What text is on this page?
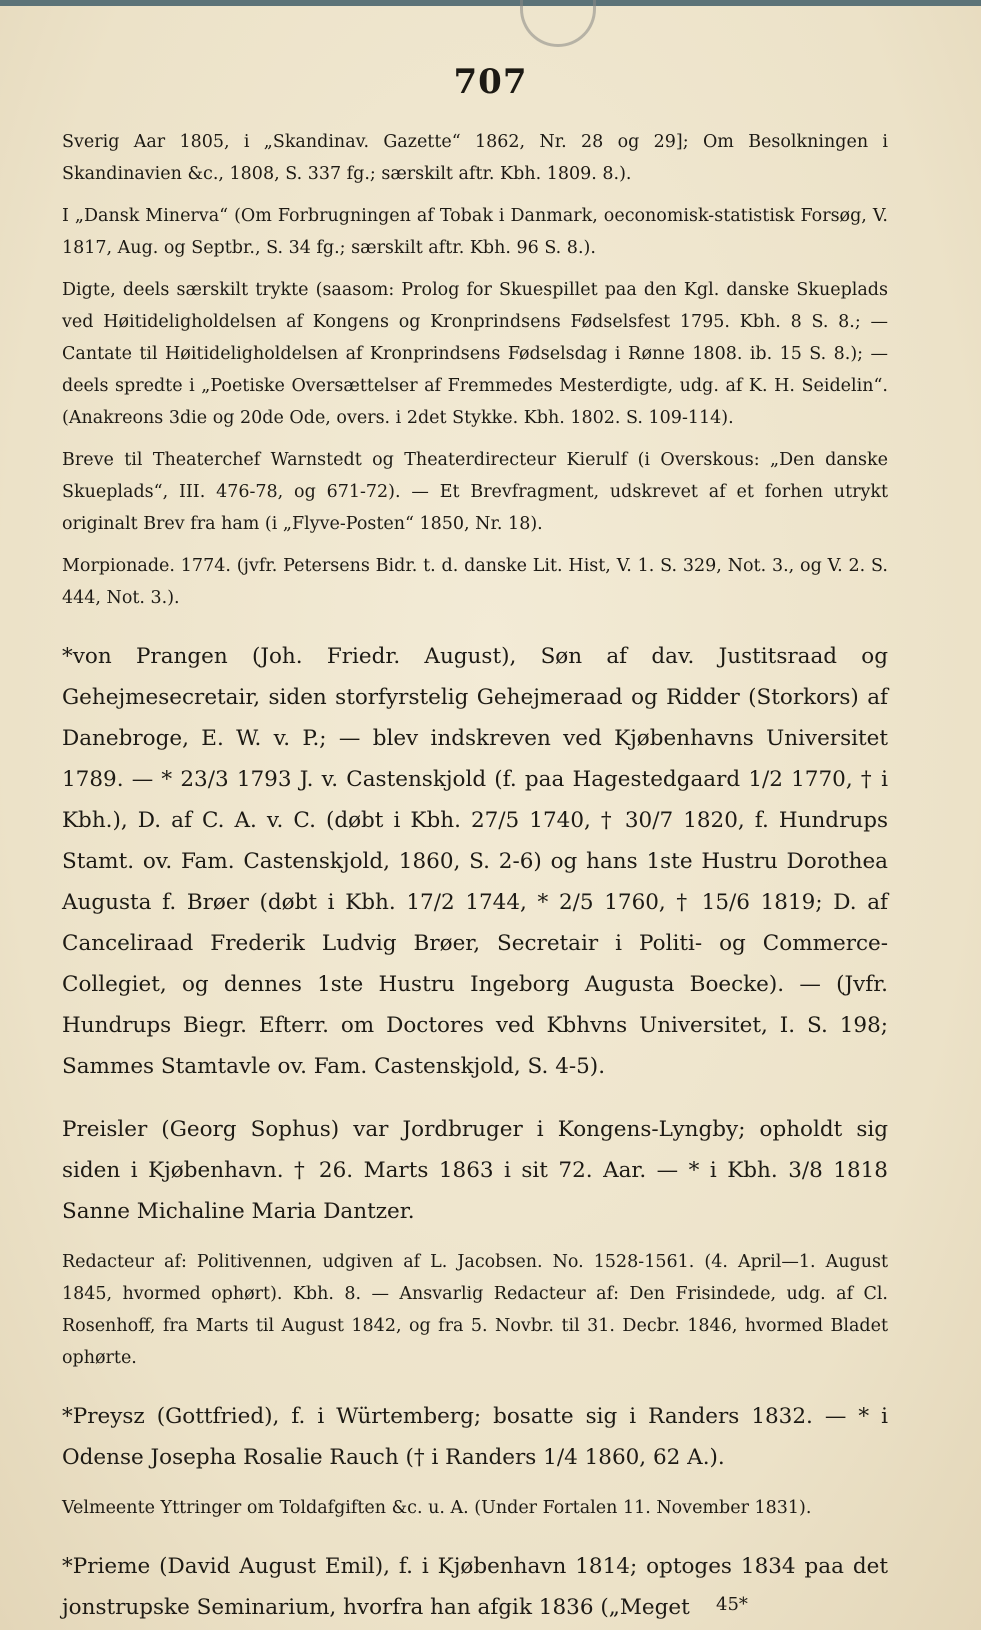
707

Sverig Aar 1805, i „Skandinav. Gazette“ 1862, Nr. 28 og 29]; Om Besolkningen i Skandinavien &c., 1808, S. 337 fg.; særskilt aftr. Kbh. 1809. 8.).

I „Dansk Minerva“ (Om Forbrugningen af Tobak i Danmark, oeconomisk-statistisk Forsøg, V. 1817, Aug. og Septbr., S. 34 fg.; særskilt aftr. Kbh. 96 S. 8.).

Digte, deels særskilt trykte (saasom: Prolog for Skuespillet paa den Kgl. danske Skueplads ved Høitideligholdelsen af Kongens og Kronprindsens Fødselsfest 1795. Kbh. 8 S. 8.; — Cantate til Høitideligholdelsen af Kronprindsens Fødselsdag i Rønne 1808. ib. 15 S. 8.); — deels spredte i „Poetiske Oversættelser af Fremmedes Mesterdigte, udg. af K. H. Seidelin“. (Anakreons 3die og 20de Ode, overs. i 2det Stykke. Kbh. 1802. S. 109-114).

Breve til Theaterchef Warnstedt og Theaterdirecteur Kierulf (i Overskous: „Den danske Skueplads“, III. 476-78, og 671-72). — Et Brevfragment, udskrevet af et forhen utrykt originalt Brev fra ham (i „Flyve-Posten“ 1850, Nr. 18).

Morpionade. 1774. (jvfr. Petersens Bidr. t. d. danske Lit. Hist, V. 1. S. 329, Not. 3., og V. 2. S. 444, Not. 3.).

*von Prangen (Joh. Friedr. August), Søn af dav. Justitsraad og Gehejmesecretair, siden storfyrstelig Gehejmeraad og Ridder (Storkors) af Danebroge, E. W. v. P.; — blev indskreven ved Kjøbenhavns Universitet 1789. — * 23/3 1793 J. v. Castenskjold (f. paa Hagestedgaard 1/2 1770, † i Kbh.), D. af C. A. v. C. (døbt i Kbh. 27/5 1740, † 30/7 1820, f. Hundrups Stamt. ov. Fam. Castenskjold, 1860, S. 2-6) og hans 1ste Hustru Dorothea Augusta f. Brøer (døbt i Kbh. 17/2 1744, * 2/5 1760, † 15/6 1819; D. af Canceliraad Frederik Ludvig Brøer, Secretair i Politi- og Commerce-Collegiet, og dennes 1ste Hustru Ingeborg Augusta Boecke). — (Jvfr. Hundrups Biegr. Efterr. om Doctores ved Kbhvns Universitet, I. S. 198; Sammes Stamtavle ov. Fam. Castenskjold, S. 4-5).

Preisler (Georg Sophus) var Jordbruger i Kongens-Lyngby; opholdt sig siden i Kjøbenhavn. † 26. Marts 1863 i sit 72. Aar. — * i Kbh. 3/8 1818 Sanne Michaline Maria Dantzer.

Redacteur af: Politivennen, udgiven af L. Jacobsen. No. 1528-1561. (4. April—1. August 1845, hvormed ophørt). Kbh. 8. — Ansvarlig Redacteur af: Den Frisindede, udg. af Cl. Rosenhoff, fra Marts til August 1842, og fra 5. Novbr. til 31. Decbr. 1846, hvormed Bladet ophørte.

*Preysz (Gottfried), f. i Würtemberg; bosatte sig i Randers 1832. — * i Odense Josepha Rosalie Rauch († i Randers 1/4 1860, 62 A.).

Velmeente Yttringer om Toldafgiften &c. u. A. (Under Fortalen 11. November 1831).

*Prieme (David August Emil), f. i Kjøbenhavn 1814; optoges 1834 paa det jonstrupske Seminarium, hvorfra han afgik 1836 („Meget	45*
